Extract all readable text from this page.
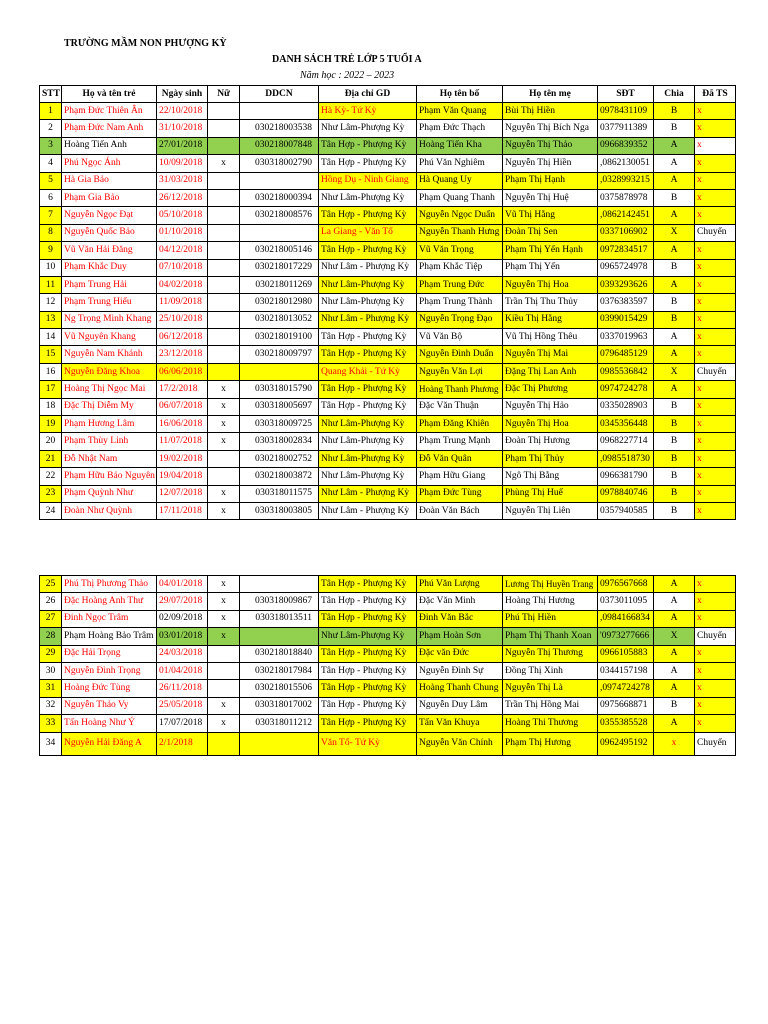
TRƯỜNG MẦM NON PHƯỢNG KỲ
DANH SÁCH TRẺ LỚP 5 TUỔI A
Năm học : 2022 – 2023
STT	Họ và tên trẻ	Ngày sinh	Nữ	DDCN	Địa chỉ GD	Họ tên bố	Họ tên mẹ	SĐT	Chia	Đã TS
1	Phạm Đức Thiên Ân	22/10/2018			Hà Kỳ- Tứ Kỳ	Phạm Văn Quang	Bùi Thị Hiền	0978431109	B	x
2	Phạm Đức Nam Anh	31/10/2018		030218003538	Như Lâm-Phượng Kỳ	Phạm Đức Thạch	Nguyễn Thị Bích Nga	0377911389	B	x
3	Hoàng Tiến Anh	27/01/2018		030218007848	Tân Hợp - Phượng Kỳ	Hoàng Tiến Kha	Nguyễn Thị Thảo	0966839352	A	x
4	Phú Ngọc Ánh	10/09/2018	x	030318002790	Tân Hợp - Phượng Kỳ	Phú Văn Nghiêm	Nguyễn Thị Hiền	,0862130051	A	x
5	Hà Gia Bảo	31/03/2018			Hồng Dụ - Ninh Giang	Hà Quang Uy	Phạm Thị Hạnh	,0328993215	A	x
6	Phạm Gia Bảo	26/12/2018		030218000394	Như Lâm-Phượng Kỳ	Phạm Quang Thanh	Nguyễn Thị Huệ	0375878978	B	x
7	Nguyễn Ngọc Đạt	05/10/2018		030218008576	Tân Hợp - Phượng Kỳ	Nguyễn Ngọc Duẩn	Vũ Thị Hằng	,0862142451	A	x
8	Nguyễn Quốc Bảo	01/10/2018			La Giang - Văn Tố	Nguyễn Thanh Hưng	Đoàn Thị Sen	0337106902	X	Chuyển
9	Vũ Văn Hải Đăng	04/12/2018		030218005146	Tân Hợp - Phượng Kỳ	Vũ Văn Trọng	Phạm Thị Yến Hạnh	0972834517	A	x
10	Phạm Khắc Duy	07/10/2018		030218017229	Như Lâm - Phượng Kỳ	Phạm Khắc Tiệp	Phạm Thị Yến	0965724978	B	x
11	Phạm Trung Hải	04/02/2018		030218011269	Như Lâm-Phượng Kỳ	Phạm Trung Đức	Nguyễn Thị Hoa	0393293626	A	x
12	Phạm Trung Hiếu	11/09/2018		030218012980	Như Lâm-Phượng Kỳ	Phạm Trung Thành	Trần Thị Thu Thủy	0376383597	B	x
13	Ng Trọng Minh Khang	25/10/2018		030218013052	Như Lâm - Phượng Kỳ	Nguyễn Trọng Đạo	Kiều Thị Hằng	0399015429	B	x
14	Vũ Nguyên Khang	06/12/2018		030218019100	Tân Hợp - Phượng Kỳ	Vũ Văn Bộ	Vũ Thị Hồng Thêu	0337019963	A	x
15	Nguyễn Nam Khánh	23/12/2018		030218009797	Tân Hợp - Phượng Kỳ	Nguyễn Đình Duẩn	Nguyễn Thị Mai	0796485129	A	x
16	Nguyễn Đăng Khoa	06/06/2018			Quang Khải - Tứ Kỳ	Nguyễn Văn Lợi	Đặng Thị Lan Anh	0985536842	X	Chuyển
17	Hoàng Thị Ngọc Mai	17/2/2018	x	030318015790	Tân Hợp - Phượng Kỳ	Hoàng Thanh Phương	Đặc Thị Phương	0974724278	A	x
18	Đặc Thị Diễm My	06/07/2018	x	030318005697	Tân Hợp - Phượng Kỳ	Đặc Văn Thuận	Nguyễn Thị Hảo	0335028903	B	x
19	Phạm Hương Lâm	16/06/2018	x	030318009725	Như Lâm-Phượng Kỳ	Phạm Đăng Khiên	Nguyễn Thị Hoa	0345356448	B	x
20	Phạm Thùy Linh	11/07/2018	x	030318002834	Như Lâm-Phượng Kỳ	Phạm Trung Mạnh	Đoàn Thị Hương	0968227714	B	x
21	Đỗ Nhật Nam	19/02/2018		030218002752	Như Lâm-Phượng Kỳ	Đỗ Văn Quân	Phạm Thị Thủy	,0985518730	B	x
22	Phạm Hữu Bảo Nguyên	19/04/2018		030218003872	Như Lâm-Phượng Kỳ	Phạm Hữu Giang	Ngô Thị Bằng	0966381790	B	x
23	Phạm Quỳnh Như	12/07/2018	x	030318011575	Như Lâm - Phượng Kỳ	Phạm Đức Tùng	Phùng Thị Huế	0978840746	B	x
24	Đoàn Như Quỳnh	17/11/2018	x	030318003805	Như Lâm - Phượng Kỳ	Đoàn Văn Bách	Nguyễn Thị Liên	0357940585	B	x
25	Phú Thị Phương Thảo	04/01/2018	x		Tân Hợp - Phượng Kỳ	Phú Văn Lượng	Lương Thị Huyền Trang	0976567668	A	x
26	Đặc Hoàng Anh Thư	29/07/2018	x	030318009867	Tân Hợp - Phượng Kỳ	Đặc Văn Minh	Hoàng Thị Hương	0373011095	A	x
27	Đinh Ngọc Trâm	02/09/2018	x	030318013511	Tân Hợp - Phượng Kỳ	Đinh Văn Bắc	Phú Thị Hiền	,0984166834	A	x
28	Phạm Hoàng Bảo Trâm	03/01/2018	x		Như Lâm-Phượng Kỳ	Phạm Hoàn Sơn	Phạm Thị Thanh Xoan	'0973277666	X	Chuyển
29	Đặc Hải Trọng	24/03/2018		030218018840	Tân Hợp - Phượng Kỳ	Đặc văn Đức	Nguyễn Thị Thương	0966105883	A	x
30	Nguyễn Đình Trọng	01/04/2018		030218017984	Tân Hợp - Phượng Kỳ	Nguyễn Đình Sự	Đồng Thị Xinh	0344157198	A	x
31	Hoàng Đức Tùng	26/11/2018		030218015506	Tân Hợp - Phượng Kỳ	Hoàng Thanh Chung	Nguyễn Thị Là	,0974724278	A	x
32	Nguyễn Thảo Vy	25/05/2018	x	030318017002	Tân Hợp - Phượng Kỳ	Nguyễn Duy Lâm	Trần Thị Hồng Mai	0975668871	B	x
33	Tấn Hoàng Như Ý	17/07/2018	x	030318011212	Tân Hợp - Phượng Kỳ	Tấn Văn Khuya	Hoàng Thi Thương	0355385528	A	x
34	Nguyễn Hải Đăng A	2/1/2018			Văn Tố- Tứ Kỳ	Nguyễn Văn Chính	Phạm Thị Hương	0962495192	x	Chuyển
